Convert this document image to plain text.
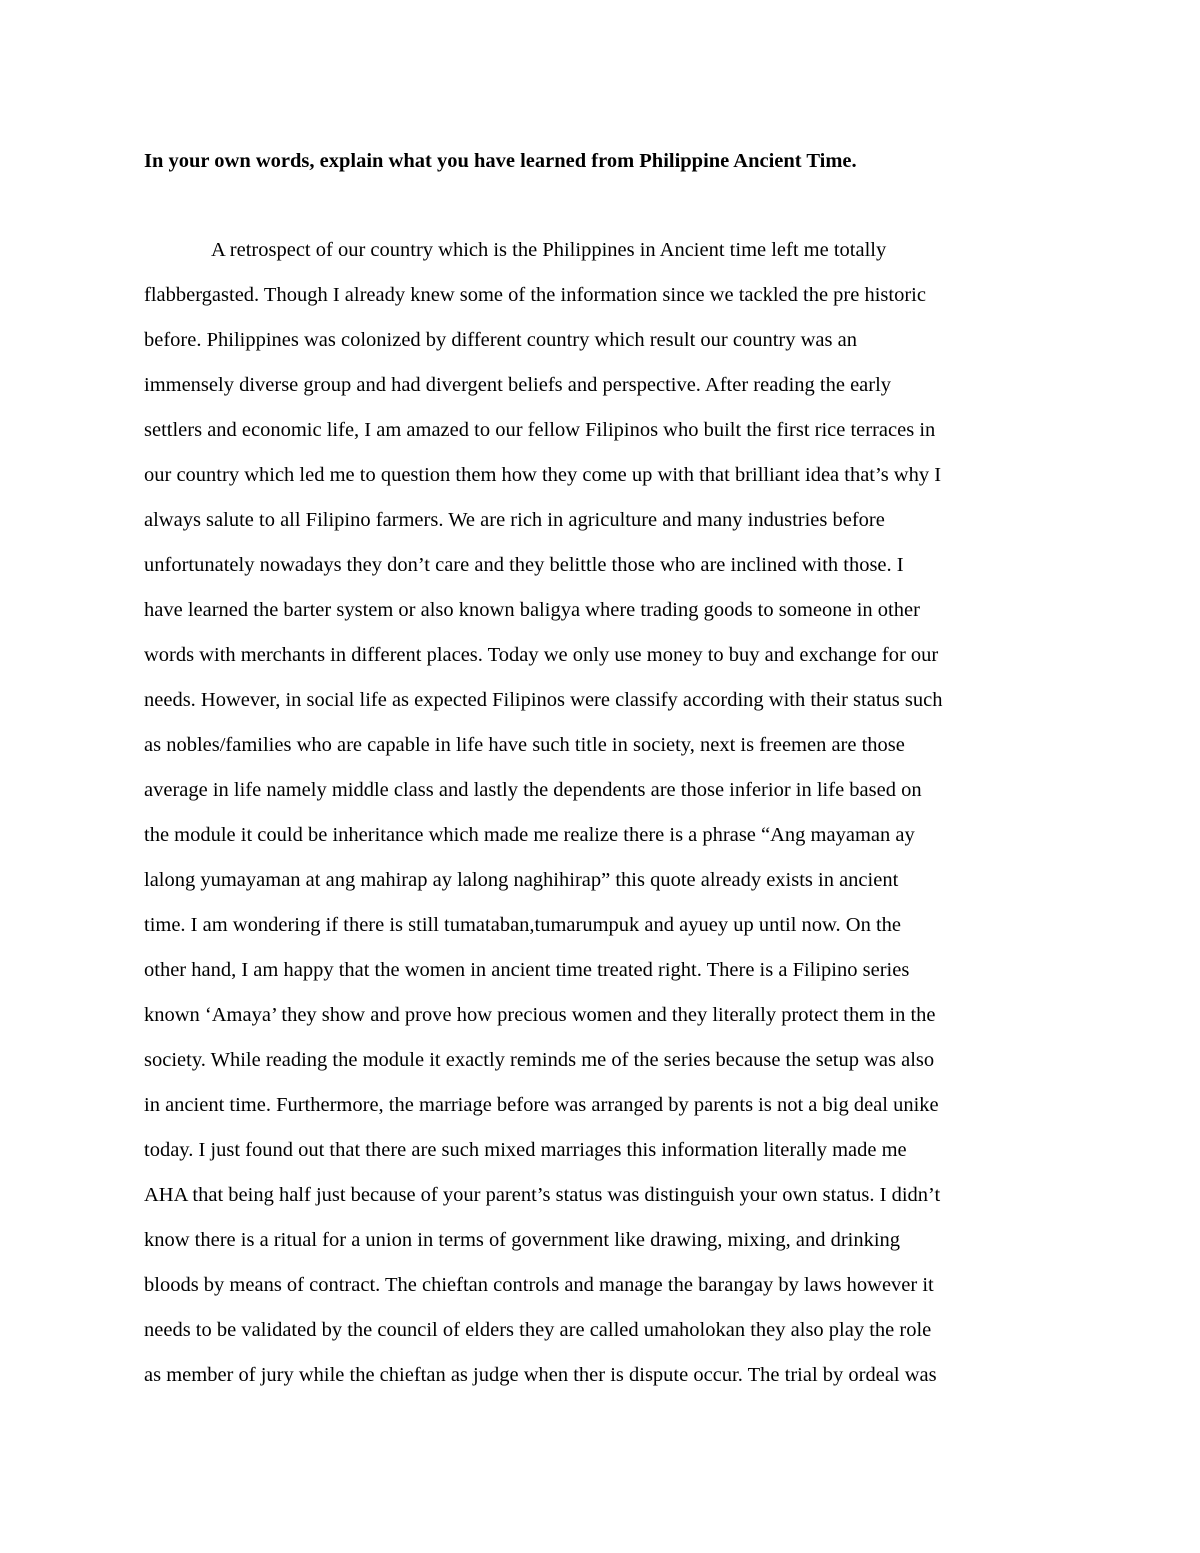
In your own words, explain what you have learned from Philippine Ancient Time.

A retrospect of our country which is the Philippines in Ancient time left me totally
flabbergasted. Though I already knew some of the information since we tackled the pre historic
before. Philippines was colonized by different country which result our country was an
immensely diverse group and had divergent beliefs and perspective. After reading the early
settlers and economic life, I am amazed to our fellow Filipinos who built the first rice terraces in
our country which led me to question them how they come up with that brilliant idea that’s why I
always salute to all Filipino farmers. We are rich in agriculture and many industries before
unfortunately nowadays they don’t care and they belittle those who are inclined with those. I
have learned the barter system or also known baligya where trading goods to someone in other
words with merchants in different places. Today we only use money to buy and exchange for our
needs. However, in social life as expected Filipinos were classify according with their status such
as nobles/families who are capable in life have such title in society, next is freemen are those
average in life namely middle class and lastly the dependents are those inferior in life based on
the module it could be inheritance which made me realize there is a phrase “Ang mayaman ay
lalong yumayaman at ang mahirap ay lalong naghihirap” this quote already exists in ancient
time. I am wondering if there is still tumataban,tumarumpuk and ayuey up until now. On the
other hand, I am happy that the women in ancient time treated right. There is a Filipino series
known ‘Amaya’ they show and prove how precious women and they literally protect them in the
society. While reading the module it exactly reminds me of the series because the setup was also
in ancient time. Furthermore, the marriage before was arranged by parents is not a big deal unike
today. I just found out that there are such mixed marriages this information literally made me
AHA that being half just because of your parent’s status was distinguish your own status. I didn’t
know there is a ritual for a union in terms of government like drawing, mixing, and drinking
bloods by means of contract. The chieftan controls and manage the barangay by laws however it
needs to be validated by the council of elders they are called umaholokan they also play the role
as member of jury while the chieftan as judge when ther is dispute occur. The trial by ordeal was
